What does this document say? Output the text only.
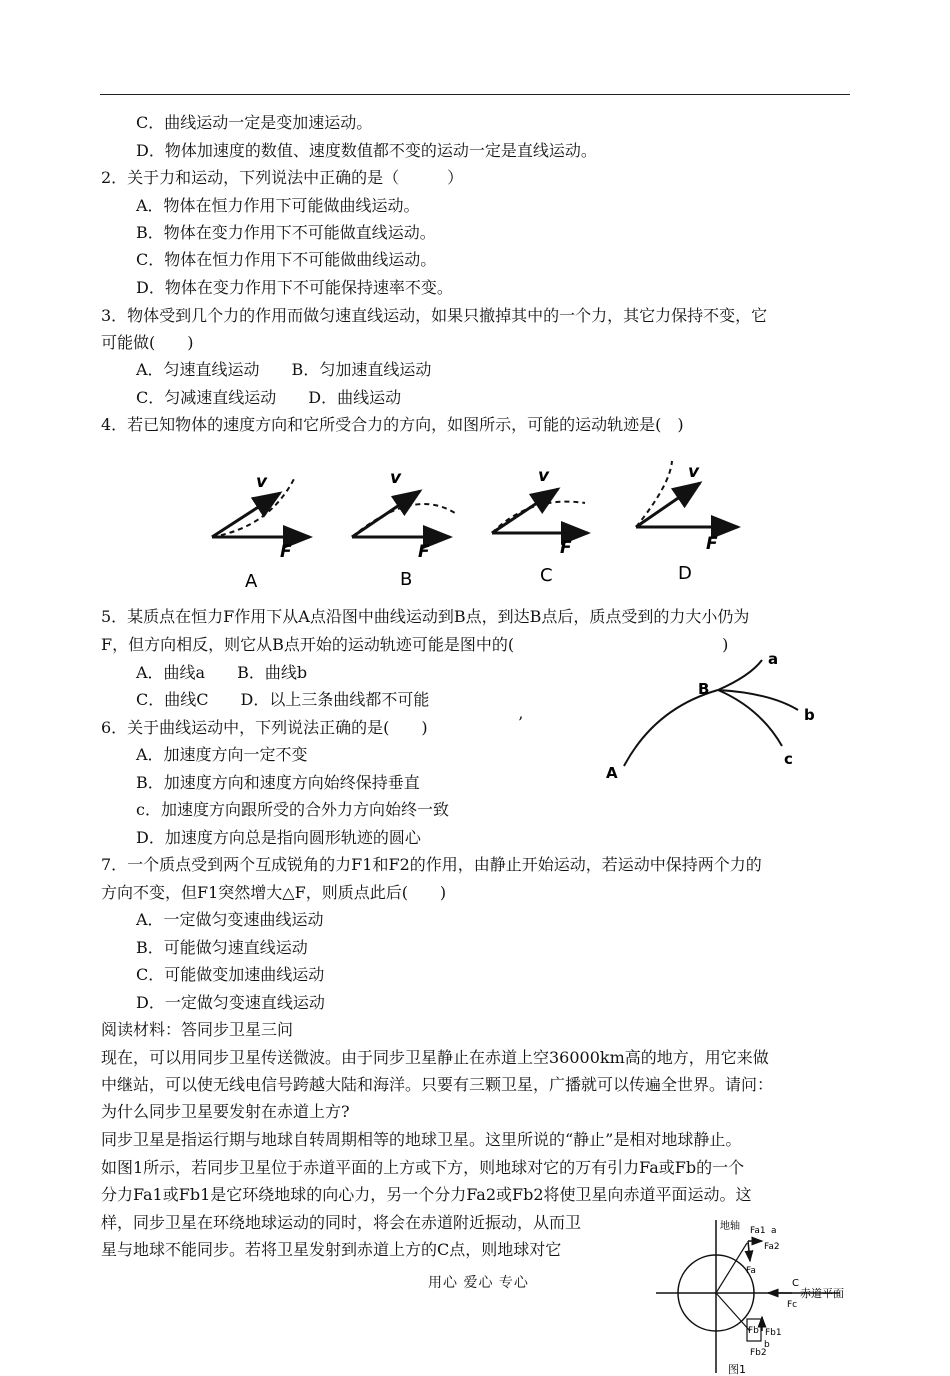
C．曲线运动一定是变加速运动。
D．物体加速度的数值、速度数值都不变的运动一定是直线运动。
2．关于力和运动，下列说法中正确的是（　　　）
A．物体在恒力作用下可能做曲线运动。
B．物体在变力作用下不可能做直线运动。
C．物体在恒力作用下不可能做曲线运动。
D．物体在变力作用下不可能保持速率不变。
3．物体受到几个力的作用而做匀速直线运动，如果只撤掉其中的一个力，其它力保持不变，它
可能做(　　)
A．匀速直线运动　　B．匀加速直线运动
C．匀减速直线运动　　D．曲线运动
4．若已知物体的速度方向和它所受合力的方向，如图所示，可能的运动轨迹是(　)
v
F
A
v
F
B
v
F
C
v
F
D
5．某质点在恒力F作用下从A点沿图中曲线运动到B点，到达B点后，质点受到的力大小仍为
F，但方向相反，则它从B点开始的运动轨迹可能是图中的(　　　　　　　　　　　　　)
A．曲线a　　B．曲线b
C．曲线C　　D．以上三条曲线都不可能
6．关于曲线运动中，下列说法正确的是(　　)	’
A
B
a
b
c
A．加速度方向一定不变
B．加速度方向和速度方向始终保持垂直
c．加速度方向跟所受的合外力方向始终一致
D．加速度方向总是指向圆形轨迹的圆心
7．一个质点受到两个互成锐角的力F1和F2的作用，由静止开始运动，若运动中保持两个力的
方向不变，但F1突然增大△F，则质点此后(　　)
A．一定做匀变速曲线运动
B．可能做匀速直线运动
C．可能做变加速曲线运动
D．一定做匀变速直线运动
阅读材料：答同步卫星三问
现在，可以用同步卫星传送微波。由于同步卫星静止在赤道上空36000km高的地方，用它来做
中继站，可以使无线电信号跨越大陆和海洋。只要有三颗卫星，广播就可以传遍全世界。请问：
为什么同步卫星要发射在赤道上方?
同步卫星是指运行期与地球自转周期相等的地球卫星。这里所说的“静止”是相对地球静止。
如图1所示，若同步卫星位于赤道平面的上方或下方，则地球对它的万有引力Fa或Fb的一个
分力Fa1或Fb1是它环绕地球的向心力，另一个分力Fa2或Fb2将使卫星向赤道平面运动。这
样，同步卫星在环绕地球运动的同时，将会在赤道附近振动，从而卫
星与地球不能同步。若将卫星发射到赤道上方的C点，则地球对它
用心 爱心 专心
地轴 Fa1 a
Fa2
Fa
C
赤道平面
Fc
Fb Fb1
b
Fb2
图1
